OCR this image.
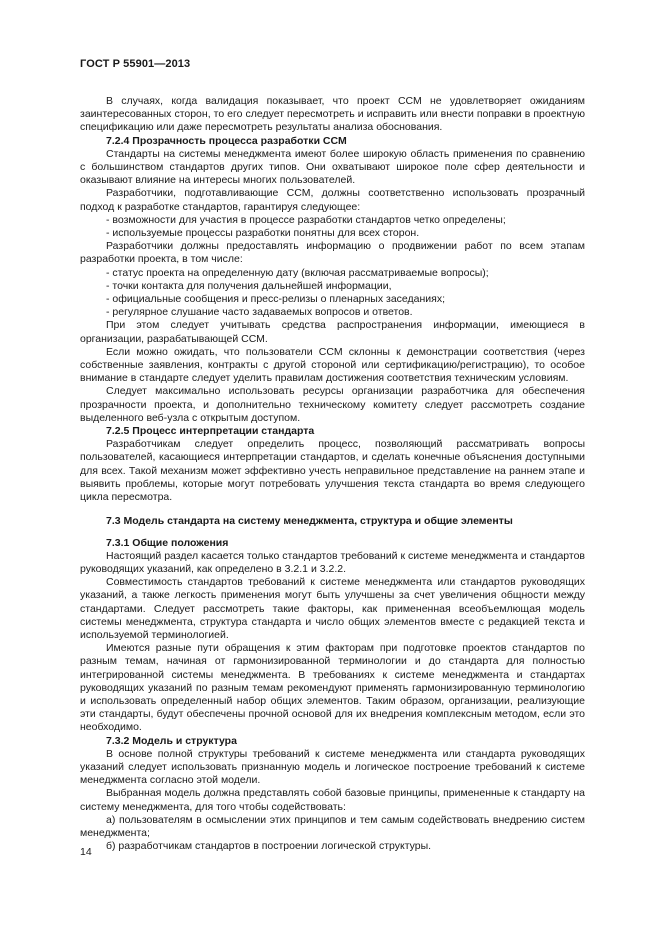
ГОСТ Р 55901—2013

В случаях, когда валидация показывает, что проект ССМ не удовлетворяет ожиданиям заинтересованных сторон, то его следует пересмотреть и исправить или внести поправки в проектную спецификацию или даже пересмотреть результаты анализа обоснования.

7.2.4 Прозрачность процесса разработки ССМ

Стандарты на системы менеджмента имеют более широкую область применения по сравнению с большинством стандартов других типов. Они охватывают широкое поле сфер деятельности и оказывают влияние на интересы многих пользователей.

Разработчики, подготавливающие ССМ, должны соответственно использовать прозрачный подход к разработке стандартов, гарантируя следующее:

- возможности для участия в процессе разработки стандартов четко определены;

- используемые процессы разработки понятны для всех сторон.

Разработчики должны предоставлять информацию о продвижении работ по всем этапам разработки проекта, в том числе:

- статус проекта на определенную дату (включая рассматриваемые вопросы);

- точки контакта для получения дальнейшей информации,

- официальные сообщения и пресс-релизы о пленарных заседаниях;

- регулярное слушание часто задаваемых вопросов и ответов.

При этом следует учитывать средства распространения информации, имеющиеся в организации, разрабатывающей ССМ.

Если можно ожидать, что пользователи ССМ склонны к демонстрации соответствия (через собственные заявления, контракты с другой стороной или сертификацию/регистрацию), то особое внимание в стандарте следует уделить правилам достижения соответствия техническим условиям.

Следует максимально использовать ресурсы организации разработчика для обеспечения прозрачности проекта, и дополнительно техническому комитету следует рассмотреть создание выделенного веб-узла с открытым доступом.

7.2.5 Процесс интерпретации стандарта

Разработчикам следует определить процесс, позволяющий рассматривать вопросы пользователей, касающиеся интерпретации стандартов, и сделать конечные объяснения доступными для всех. Такой механизм может эффективно учесть неправильное представление на раннем этапе и выявить проблемы, которые могут потребовать улучшения текста стандарта во время следующего цикла пересмотра.

7.3 Модель стандарта на систему менеджмента, структура и общие элементы
7.3.1 Общие положения

Настоящий раздел касается только стандартов требований к системе менеджмента и стандартов руководящих указаний, как определено в 3.2.1 и 3.2.2.

Совместимость стандартов требований к системе менеджмента или стандартов руководящих указаний, а также легкость применения могут быть улучшены за счет увеличения общности между стандартами. Следует рассмотреть такие факторы, как примененная всеобъемлющая модель системы менеджмента, структура стандарта и число общих элементов вместе с редакцией текста и используемой терминологией.

Имеются разные пути обращения к этим факторам при подготовке проектов стандартов по разным темам, начиная от гармонизированной терминологии и до стандарта для полностью интегрированной системы менеджмента. В требованиях к системе менеджмента и стандартах руководящих указаний по разным темам рекомендуют применять гармонизированную терминологию и использовать определенный набор общих элементов. Таким образом, организации, реализующие эти стандарты, будут обеспечены прочной основой для их внедрения комплексным методом, если это необходимо.

7.3.2 Модель и структура

В основе полной структуры требований к системе менеджмента или стандарта руководящих указаний следует использовать признанную модель и логическое построение требований к системе менеджмента согласно этой модели.

Выбранная модель должна представлять собой базовые принципы, примененные к стандарту на систему менеджмента, для того чтобы содействовать:

а) пользователям в осмыслении этих принципов и тем самым содействовать внедрению систем менеджмента;

б) разработчикам стандартов в построении логической структуры.

14
